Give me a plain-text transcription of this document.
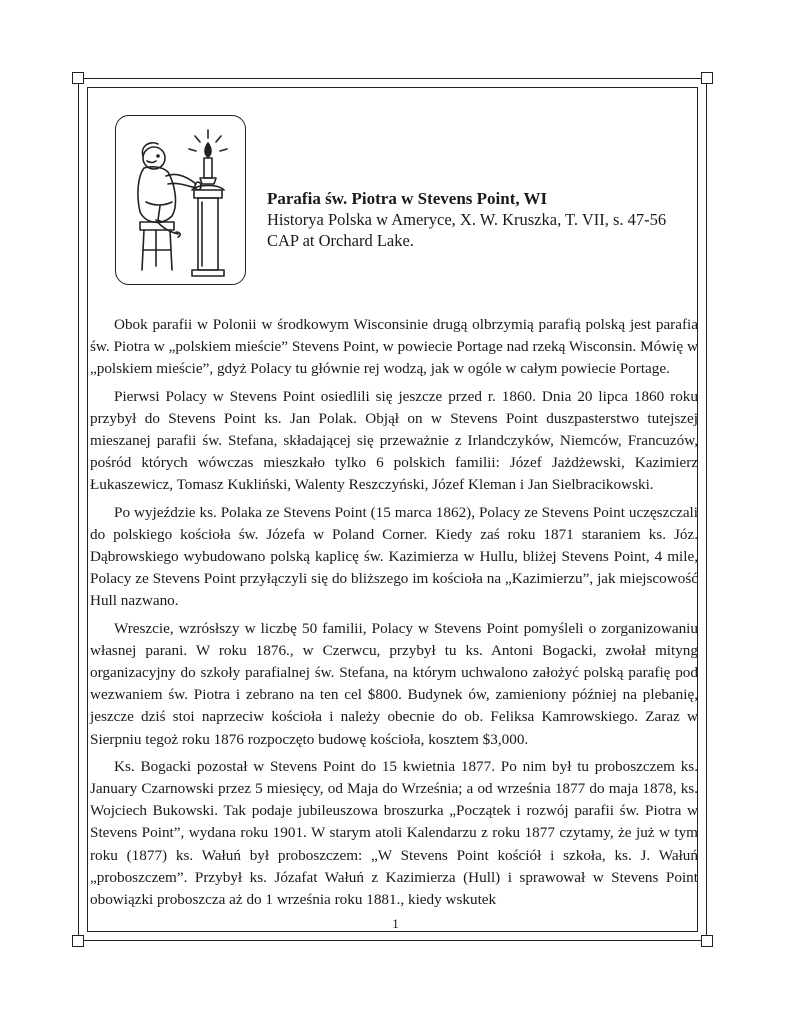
Parafia św. Piotra w Stevens Point, WI
Historya Polska w Ameryce, X. W. Kruszka, T. VII, s. 47-56
CAP at Orchard Lake.

Obok parafii w Polonii w środkowym Wisconsinie drugą olbrzymią parafią polską jest parafia św. Piotra w „polskiem mieście” Stevens Point, w powiecie Portage nad rzeką Wisconsin. Mówię w „polskiem mieście”, gdyż Polacy tu głównie rej wodzą, jak w ogóle w całym powiecie Portage.

Pierwsi Polacy w Stevens Point osiedlili się jeszcze przed r. 1860. Dnia 20 lipca 1860 roku przybył do Stevens Point ks. Jan Polak. Objął on w Stevens Point duszpasterstwo tutejszej mieszanej parafii św. Stefana, składającej się przeważnie z Irlandczyków, Niemców, Francuzów, pośród których wówczas mieszkało tylko 6 polskich familii: Józef Jażdżewski, Kazimierz Łukaszewicz, Tomasz Kukliński, Walenty Reszczyński, Józef Kleman i Jan Sielbracikowski.

Po wyjeździe ks. Polaka ze Stevens Point (15 marca 1862), Polacy ze Stevens Point uczęszczali do polskiego kościoła św. Józefa w Poland Corner. Kiedy zaś roku 1871 staraniem ks. Józ. Dąbrowskiego wybudowano polską kaplicę św. Kazimierza w Hullu, bliżej Stevens Point, 4 mile, Polacy ze Stevens Point przyłączyli się do bliższego im kościoła na „Kazimierzu”, jak miejscowość Hull nazwano.

Wreszcie, wzrósłszy w liczbę 50 familii, Polacy w Stevens Point pomyśleli o zorganizowaniu własnej parani. W roku 1876., w Czerwcu, przybył tu ks. Antoni Bogacki, zwołał mityng organizacyjny do szkoły parafialnej św. Stefana, na którym uchwalono założyć polską parafię pod wezwaniem św. Piotra i zebrano na ten cel $800. Budynek ów, zamieniony później na plebanię, jeszcze dziś stoi naprzeciw kościoła i należy obecnie do ob. Feliksa Kamrowskiego. Zaraz w Sierpniu tegoż roku 1876 rozpoczęto budowę kościoła, kosztem $3,000.

Ks. Bogacki pozostał w Stevens Point do 15 kwietnia 1877. Po nim był tu proboszczem ks. January Czarnowski przez 5 miesięcy, od Maja do Września; a od września 1877 do maja 1878, ks. Wojciech Bukowski. Tak podaje jubileuszowa broszurka „Początek i rozwój parafii św. Piotra w Stevens Point”, wydana roku 1901. W starym atoli Kalendarzu z roku 1877 czytamy, że już w tym roku (1877) ks. Wałuń był proboszczem: „W Stevens Point kościół i szkoła, ks. J. Wałuń „proboszczem”. Przybył ks. Józafat Wałuń z Kazimierza (Hull) i sprawował w Stevens Point obowiązki proboszcza aż do 1 września roku 1881., kiedy wskutek

1
